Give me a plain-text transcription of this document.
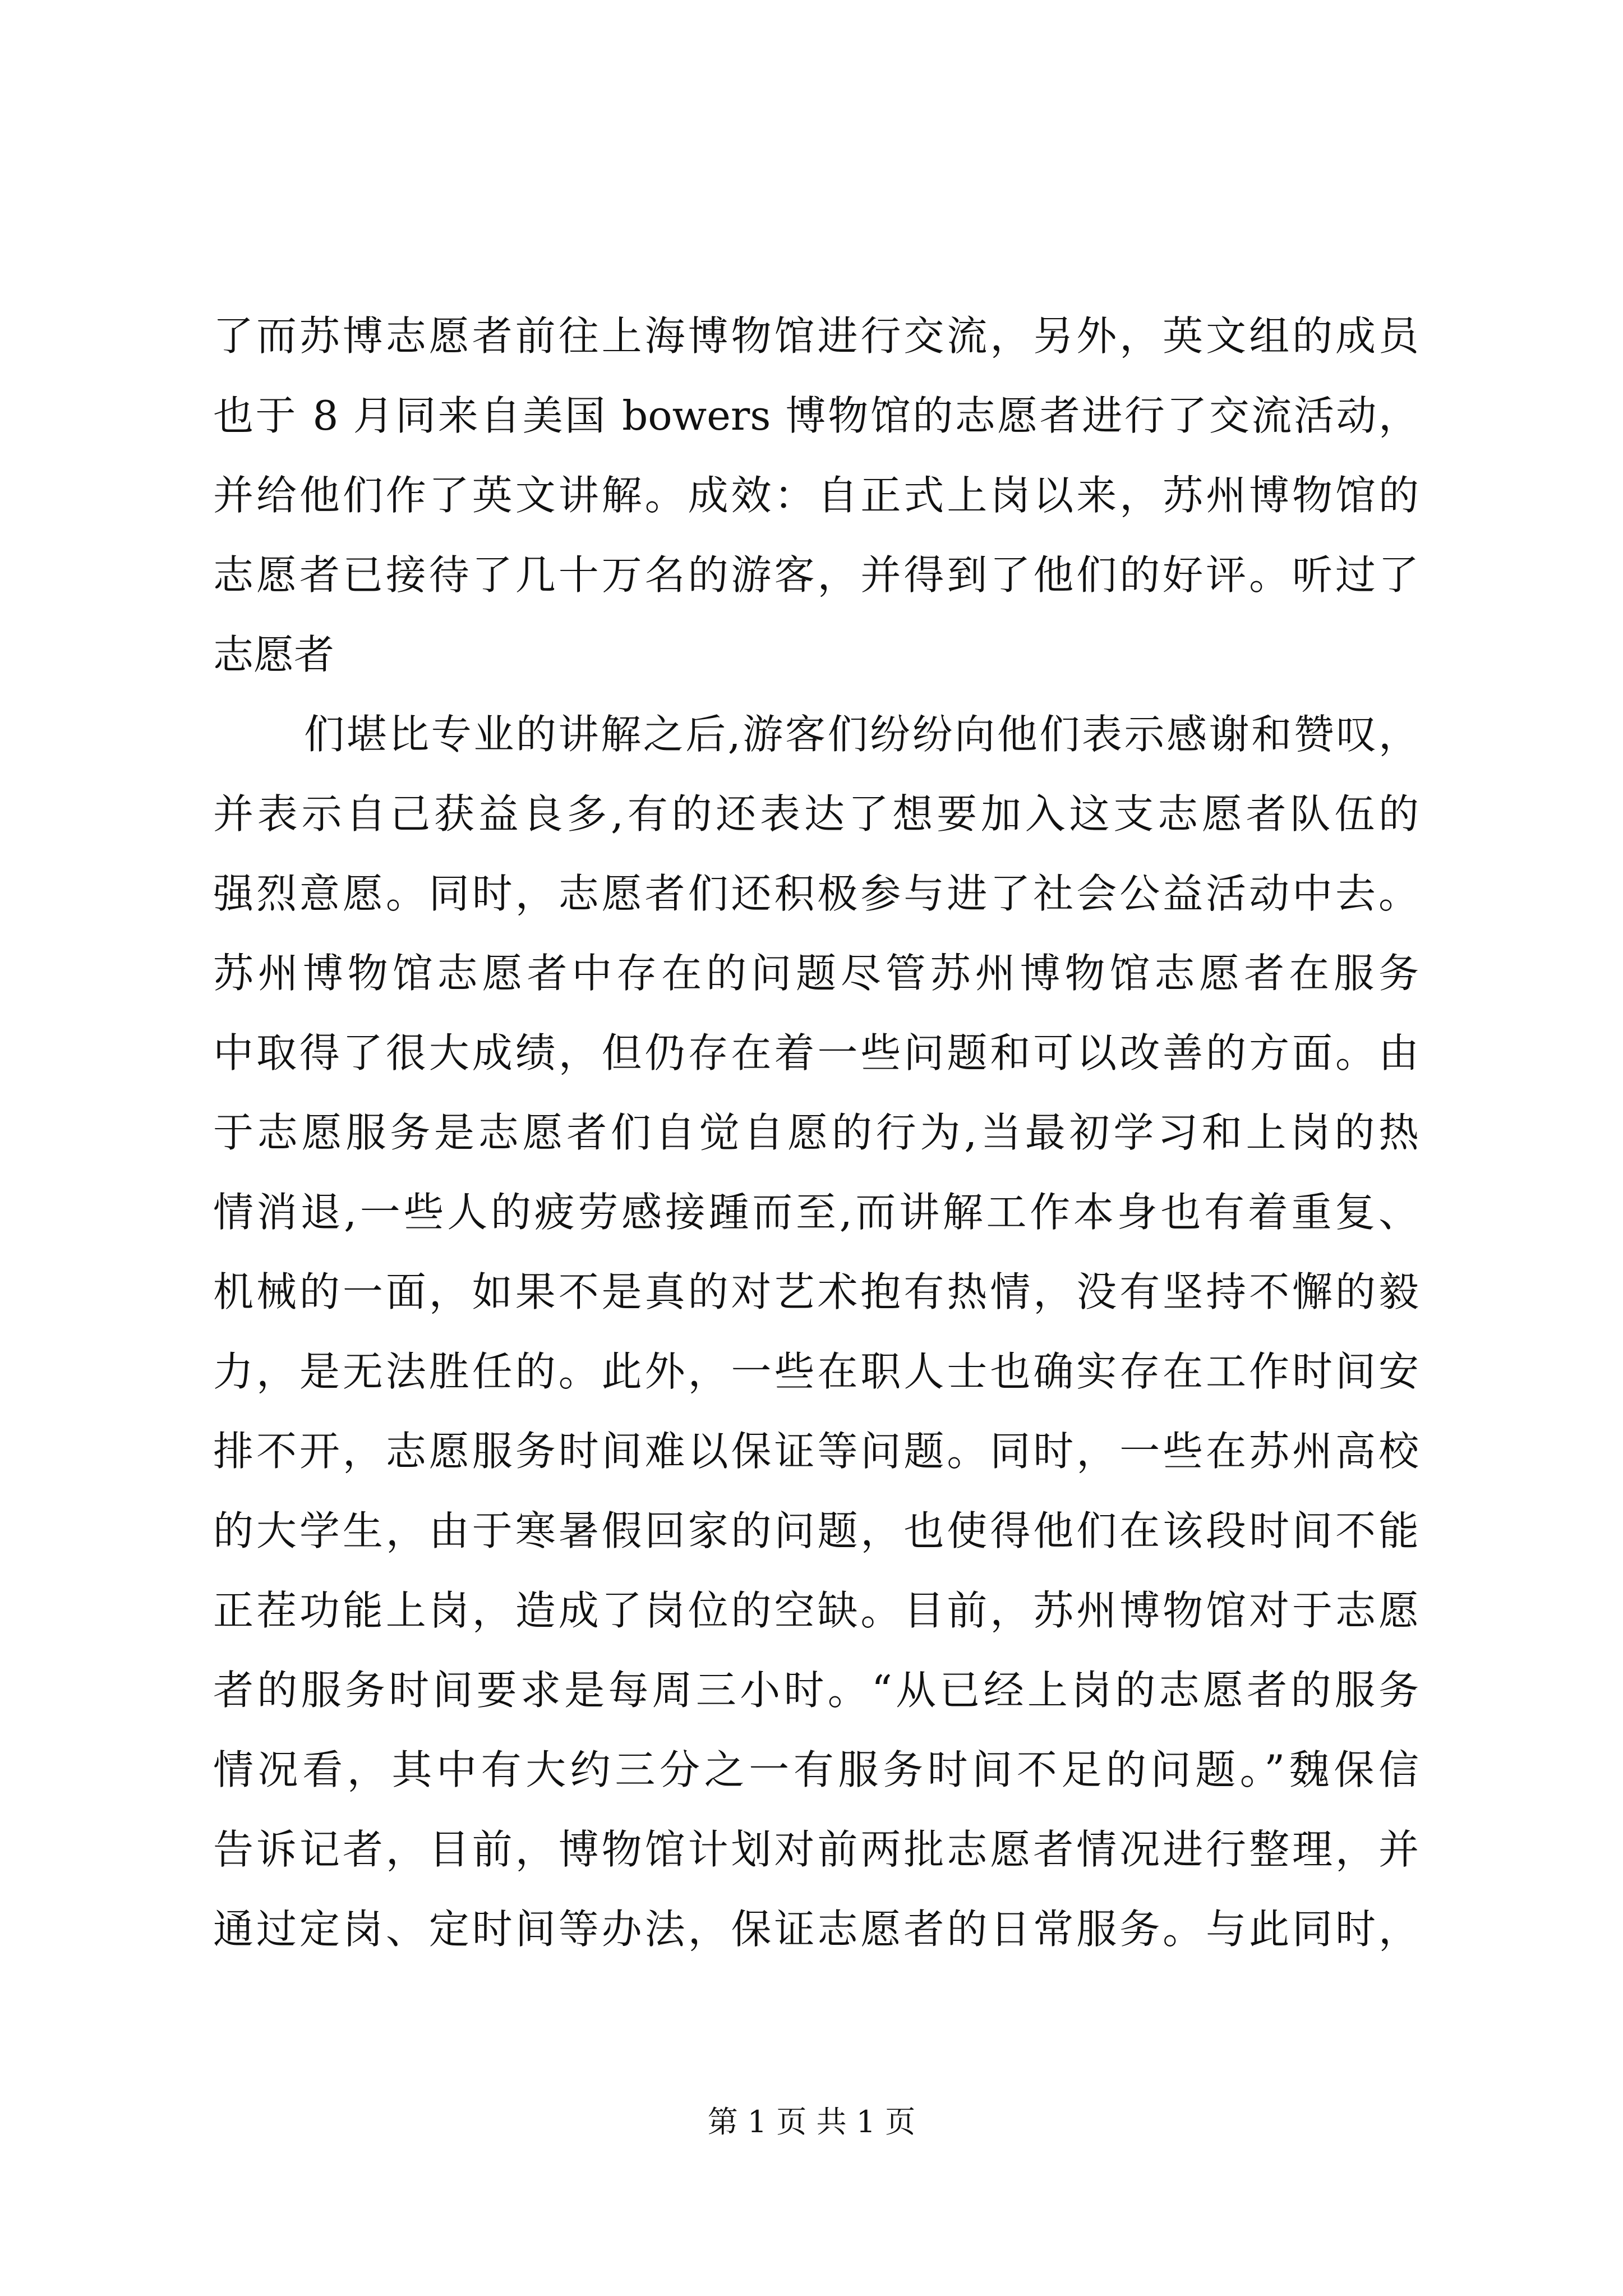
了而苏博志愿者前往上海博物馆进行交流，另外，英文组的成员
也于 8 月同来自美国 bowers 博物馆的志愿者进行了交流活动，
并给他们作了英文讲解。成效：自正式上岗以来，苏州博物馆的
志愿者已接待了几十万名的游客，并得到了他们的好评。听过了
志愿者
们堪比专业的讲解之后,游客们纷纷向他们表示感谢和赞叹，
并表示自己获益良多,有的还表达了想要加入这支志愿者队伍的
强烈意愿。同时，志愿者们还积极参与进了社会公益活动中去。
苏州博物馆志愿者中存在的问题尽管苏州博物馆志愿者在服务
中取得了很大成绩，但仍存在着一些问题和可以改善的方面。由
于志愿服务是志愿者们自觉自愿的行为,当最初学习和上岗的热
情消退,一些人的疲劳感接踵而至,而讲解工作本身也有着重复、
机械的一面，如果不是真的对艺术抱有热情，没有坚持不懈的毅
力，是无法胜任的。此外，一些在职人士也确实存在工作时间安
排不开，志愿服务时间难以保证等问题。同时，一些在苏州高校
的大学生，由于寒暑假回家的问题，也使得他们在该段时间不能
正茬功能上岗，造成了岗位的空缺。目前，苏州博物馆对于志愿
者的服务时间要求是每周三小时。“从已经上岗的志愿者的服务
情况看，其中有大约三分之一有服务时间不足的问题。”魏保信
告诉记者，目前，博物馆计划对前两批志愿者情况进行整理，并
通过定岗、定时间等办法，保证志愿者的日常服务。与此同时，
第 1 页 共 1 页
